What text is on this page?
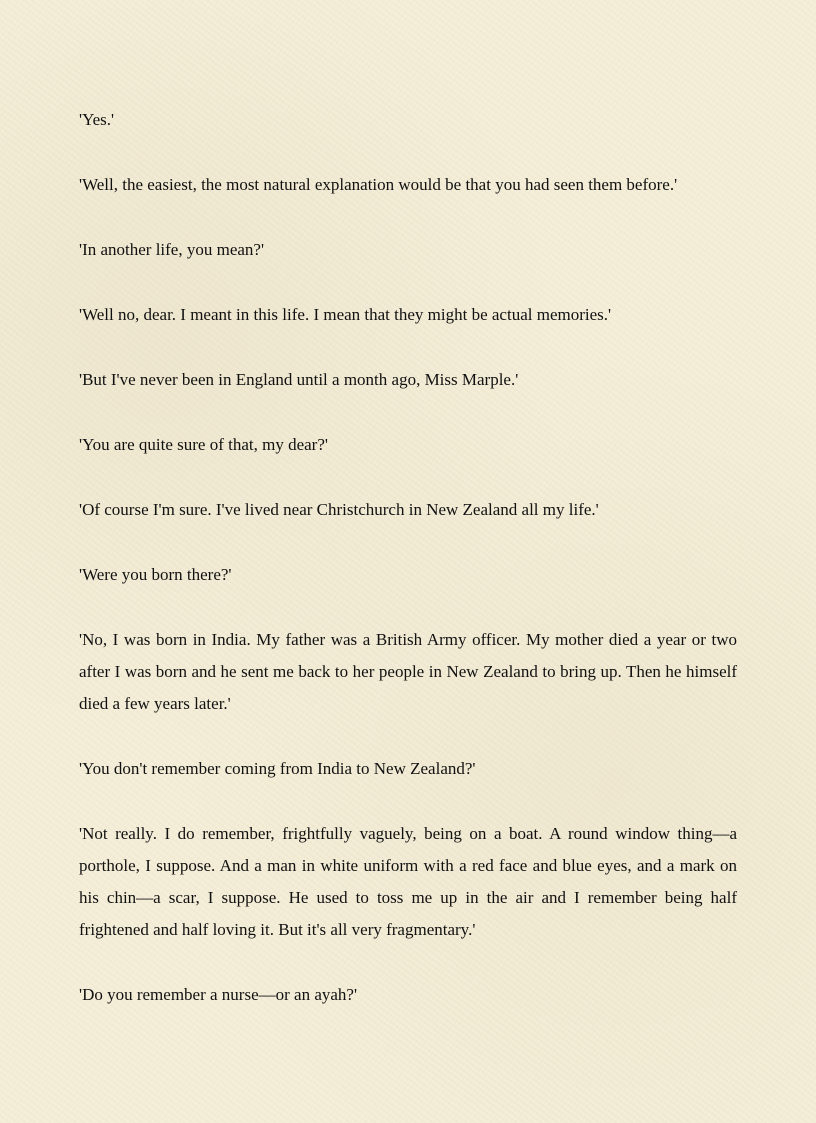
'Yes.'

'Well, the easiest, the most natural explanation would be that you had seen them before.'

'In another life, you mean?'

'Well no, dear. I meant in this life. I mean that they might be actual memories.'

'But I've never been in England until a month ago, Miss Marple.'

'You are quite sure of that, my dear?'

'Of course I'm sure. I've lived near Christchurch in New Zealand all my life.'

'Were you born there?'

'No, I was born in India. My father was a British Army officer. My mother died a year or two after I was born and he sent me back to her people in New Zealand to bring up. Then he himself died a few years later.'

'You don't remember coming from India to New Zealand?'

'Not really. I do remember, frightfully vaguely, being on a boat. A round window thing—a porthole, I suppose. And a man in white uniform with a red face and blue eyes, and a mark on his chin—a scar, I suppose. He used to toss me up in the air and I remember being half frightened and half loving it. But it's all very fragmentary.'

'Do you remember a nurse—or an ayah?'
